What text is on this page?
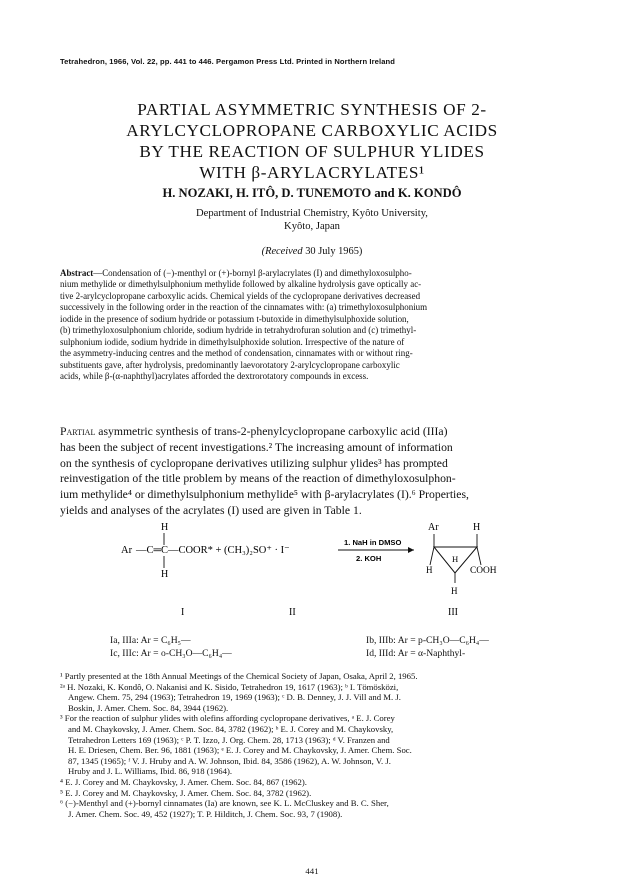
Tetrahedron, 1966, Vol. 22, pp. 441 to 446. Pergamon Press Ltd. Printed in Northern Ireland
PARTIAL ASYMMETRIC SYNTHESIS OF 2-
ARYLCYCLOPROPANE CARBOXYLIC ACIDS
BY THE REACTION OF SULPHUR YLIDES
WITH β-ARYLACRYLATES¹
H. NOZAKI, H. ITÔ, D. TUNEMOTO and K. KONDÔ
Department of Industrial Chemistry, Kyôto University,
Kyôto, Japan
(Received 30 July 1965)
Abstract—Condensation of (−)-menthyl or (+)-bornyl β-arylacrylates (I) and dimethyloxosulpho-
nium methylide or dimethylsulphonium methylide followed by alkaline hydrolysis gave optically ac-
tive 2-arylcyclopropane carboxylic acids. Chemical yields of the cyclopropane derivatives decreased
successively in the following order in the reaction of the cinnamates with: (a) trimethyloxosulphonium
iodide in the presence of sodium hydride or potassium t-butoxide in dimethylsulphoxide solution,
(b) trimethyloxosulphonium chloride, sodium hydride in tetrahydrofuran solution and (c) trimethyl-
sulphonium iodide, sodium hydride in dimethylsulphoxide solution. Irrespective of the nature of
the asymmetry-inducing centres and the method of condensation, cinnamates with or without ring-
substituents gave, after hydrolysis, predominantly laevorotatory 2-arylcyclopropane carboxylic
acids, while β-(α-naphthyl)acrylates afforded the dextrorotatory compounds in excess.
Partial asymmetric synthesis of trans-2-phenylcyclopropane carboxylic acid (IIIa)
has been the subject of recent investigations.² The increasing amount of information
on the synthesis of cyclopropane derivatives utilizing sulphur ylides³ has prompted
reinvestigation of the title problem by means of the reaction of dimethyloxosulphon-
ium methylide⁴ or dimethylsulphonium methylide⁵ with β-arylacrylates (I).⁶ Properties,
yields and analyses of the acrylates (I) used are given in Table 1.
H
Ar —C═C—COOR* + (CH₃)₂SO⁺ · I⁻
H
1. NaH in DMSO
2. KOH
Ar	H
H
H	COOH
H
I	II	III
Ia, IIIa: Ar = C₆H₅—	Ib, IIIb: Ar = p-CH₃O—C₆H₄—
Ic, IIIc: Ar = o-CH₃O—C₆H₄—	Id, IIId: Ar = α-Naphthyl-

¹ Partly presented at the 18th Annual Meetings of the Chemical Society of Japan, Osaka, April 2, 1965.

²ᵃ H. Nozaki, K. Kondô, O. Nakanisi and K. Sisido, Tetrahedron 19, 1617 (1963); ᵇ I. Tömösközi,

Angew. Chem. 75, 294 (1963); Tetrahedron 19, 1969 (1963); ᶜ D. B. Denney, J. J. Vill and M. J.

Boskin, J. Amer. Chem. Soc. 84, 3944 (1962).

³ For the reaction of sulphur ylides with olefins affording cyclopropane derivatives, ᵃ E. J. Corey

and M. Chaykovsky, J. Amer. Chem. Soc. 84, 3782 (1962); ᵇ E. J. Corey and M. Chaykovsky,

Tetrahedron Letters 169 (1963); ᶜ P. T. Izzo, J. Org. Chem. 28, 1713 (1963); ᵈ V. Franzen and

H. E. Driesen, Chem. Ber. 96, 1881 (1963); ᵉ E. J. Corey and M. Chaykovsky, J. Amer. Chem. Soc.

87, 1345 (1965); ᶠ V. J. Hruby and A. W. Johnson, Ibid. 84, 3586 (1962), A. W. Johnson, V. J.

Hruby and J. L. Williams, Ibid. 86, 918 (1964).

⁴ E. J. Corey and M. Chaykovsky, J. Amer. Chem. Soc. 84, 867 (1962).

⁵ E. J. Corey and M. Chaykovsky, J. Amer. Chem. Soc. 84, 3782 (1962).

⁶ (−)-Menthyl and (+)-bornyl cinnamates (Ia) are known, see K. L. McCluskey and B. C. Sher,

J. Amer. Chem. Soc. 49, 452 (1927); T. P. Hilditch, J. Chem. Soc. 93, 7 (1908).

441
